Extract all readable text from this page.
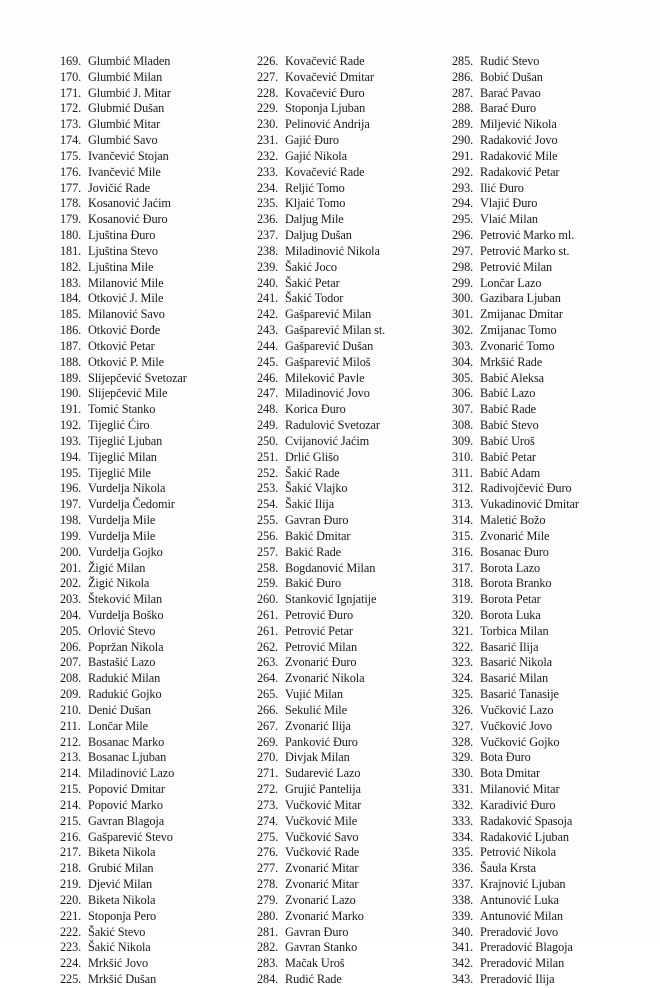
169. Glumbić Mladen
170. Glumbić Milan
171. Glumbić J. Mitar
172. Glubmić Dušan
173. Glumbić Mitar
174. Glumbić Savo
175. Ivančević Stojan
176. Ivančević Mile
177. Jovičić Rade
178. Kosanović Jaćim
179. Kosanović Đuro
180. Ljuština Đuro
181. Ljuština Stevo
182. Ljuština Mile
183. Milanović Mile
184. Otković J. Mile
185. Milanović Savo
186. Otković Đorđe
187. Otković Petar
188. Otković P. Mile
189. Slijepčević Svetozar
190. Slijepčević Mile
191. Tomić Stanko
192. Tijeglić Ćiro
193. Tijeglić Ljuban
194. Tijeglić Milan
195. Tijeglić Mile
196. Vurdelja Nikola
197. Vurdelja Čedomir
198. Vurdelja Mile
199. Vurdelja Mile
200. Vurdelja Gojko
201. Žigić Milan
202. Žigić Nikola
203. Šteković Milan
204. Vurdelja Boško
205. Orlović Stevo
206. Popržan Nikola
207. Bastašić Lazo
208. Radukić Milan
209. Radukić Gojko
210. Denić Dušan
211. Lončar Mile
212. Bosanac Marko
213. Bosanac Ljuban
214. Miladinović Lazo
215. Popović Dmitar
214. Popović Marko
215. Gavran Blagoja
216. Gašparević Stevo
217. Biketa Nikola
218. Grubić Milan
219. Djević Milan
220. Biketa Nikola
221. Stoponja Pero
222. Šakić Stevo
223. Šakić Nikola
224. Mrkšić Jovo
225. Mrkšić Dušan
226. Kovačević Rade
227. Kovačević Dmitar
228. Kovačević Đuro
229. Stoponja Ljuban
230. Pelinović Andrija
231. Gajić Đuro
232. Gajić Nikola
233. Kovačević Rade
234. Reljić Tomo
235. Kljaić Tomo
236. Daljug Mile
237. Daljug Dušan
238. Miladinović Nikola
239. Šakić Joco
240. Šakić Petar
241. Šakić Todor
242. Gašparević Milan
243. Gašparević Milan st.
244. Gašparević Dušan
245. Gašparević Miloš
246. Mileković Pavle
247. Miladinović Jovo
248. Korica Đuro
249. Radulović Svetozar
250. Cvijanović Jaćim
251. Drlić Glišo
252. Šakić Rade
253. Šakić Vlajko
254. Šakić Ilija
255. Gavran Đuro
256. Bakić Dmitar
257. Bakić Rade
258. Bogdanović Milan
259. Bakić Đuro
260. Stanković Ignjatije
261. Petrović Đuro
261. Petrović Petar
262. Petrović Milan
263. Zvonarić Đuro
264. Zvonarić Nikola
265. Vujić Milan
266. Sekulić Mile
267. Zvonarić Ilija
269. Panković Đuro
270. Divjak Milan
271. Sudarević Lazo
272. Grujić Pantelija
273. Vučković Mitar
274. Vučković Mile
275. Vučković Savo
276. Vučković Rade
277. Zvonarić Mitar
278. Zvonarić Mitar
279. Zvonarić Lazo
280. Zvonarić Marko
281. Gavran Đuro
282. Gavran Stanko
283. Mačak Uroš
284. Rudić Rade
285. Rudić Stevo
286. Bobić Dušan
287. Barać Pavao
288. Barać Đuro
289. Miljević Nikola
290. Radaković Jovo
291. Radaković Mile
292. Radaković Petar
293. Ilić Đuro
294. Vlajić Đuro
295. Vlaić Milan
296. Petrović Marko ml.
297. Petrović Marko st.
298. Petrović Milan
299. Lončar Lazo
300. Gazibara Ljuban
301. Zmijanac Dmitar
302. Zmijanac Tomo
303. Zvonarić Tomo
304. Mrkšić Rade
305. Babić Aleksa
306. Babić Lazo
307. Babić Rade
308. Babić Stevo
309. Babić Uroš
310. Babić Petar
311. Babić Adam
312. Radivojčević Đuro
313. Vukadinović Dmitar
314. Maletić Božo
315. Zvonarić Mile
316. Bosanac Đuro
317. Borota Lazo
318. Borota Branko
319. Borota Petar
320. Borota Luka
321. Torbica Milan
322. Basarić Ilija
323. Basarić Nikola
324. Basarić Milan
325. Basarić Tanasije
326. Vučković Lazo
327. Vučković Jovo
328. Vučković Gojko
329. Bota Đuro
330. Bota Dmitar
331. Milanović Mitar
332. Karadivić Đuro
333. Radaković Spasoja
334. Radaković Ljuban
335. Petrović Nikola
336. Šaula Krsta
337. Krajnović Ljuban
338. Antunović Luka
339. Antunović Milan
340. Preradović Jovo
341. Preradović Blagoja
342. Preradović Milan
343. Preradović Ilija
